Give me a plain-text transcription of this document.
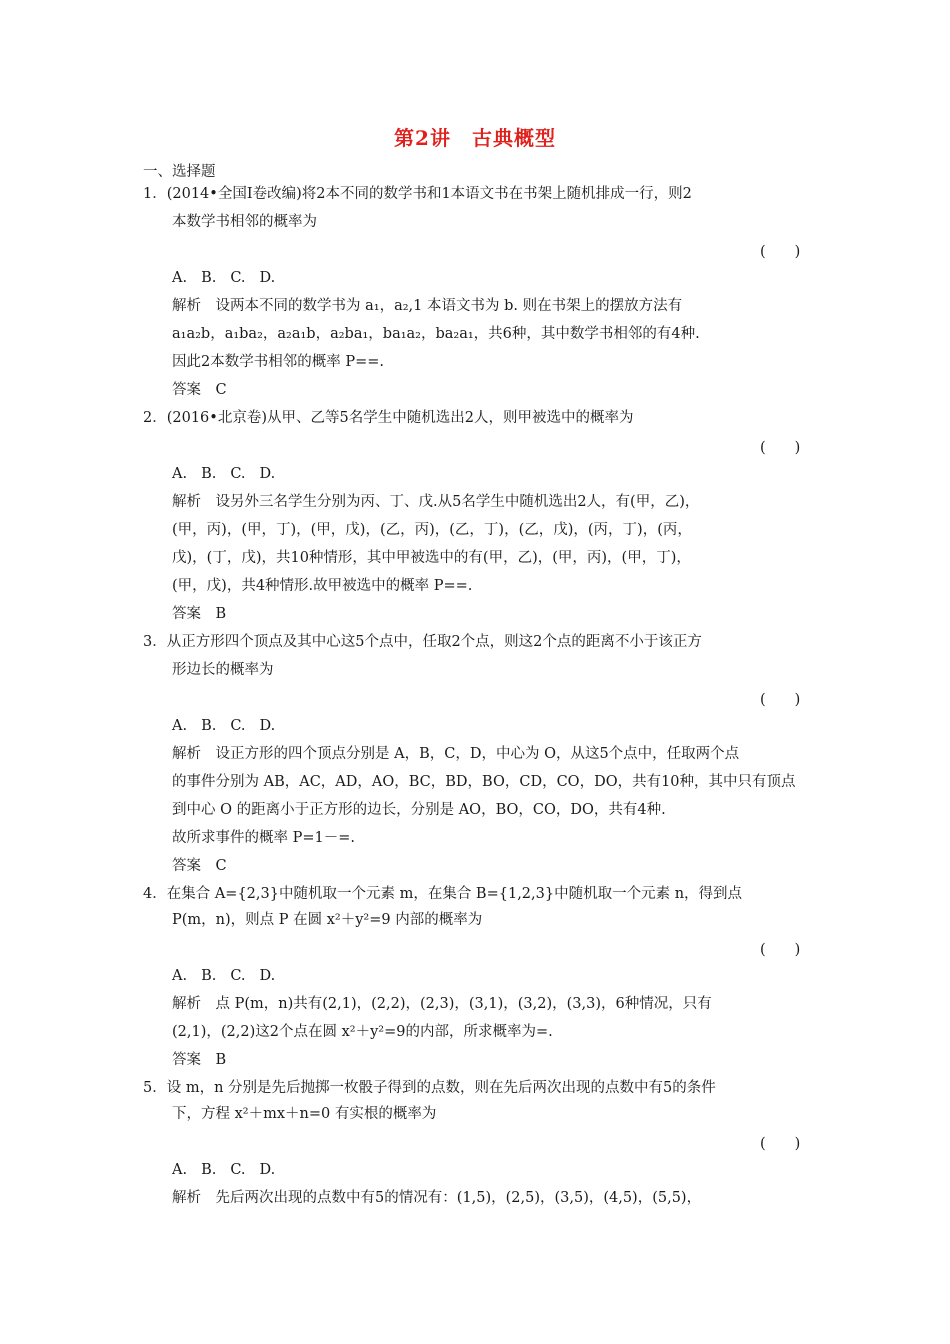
第2讲　古典概型
一、选择题
1．(2014•全国Ⅰ卷改编)将2本不同的数学书和1本语文书在书架上随机排成一行，则2
本数学书相邻的概率为
(　　)
A. B. C. D.
解析　设两本不同的数学书为 a₁，a₂,1 本语文书为 b. 则在书架上的摆放方法有
a₁a₂b，a₁ba₂，a₂a₁b，a₂ba₁，ba₁a₂，ba₂a₁，共6种，其中数学书相邻的有4种.
因此2本数学书相邻的概率 P==.
答案　C
2．(2016•北京卷)从甲、乙等5名学生中随机选出2人，则甲被选中的概率为
(　　)
A. B. C. D.
解析　设另外三名学生分别为丙、丁、戊.从5名学生中随机选出2人，有(甲，乙)，
(甲，丙)，(甲，丁)，(甲，戊)，(乙，丙)，(乙，丁)，(乙，戊)，(丙，丁)，(丙，
戊)，(丁，戊)，共10种情形，其中甲被选中的有(甲，乙)，(甲，丙)，(甲，丁)，
(甲，戊)，共4种情形.故甲被选中的概率 P==.
答案　B
3．从正方形四个顶点及其中心这5个点中，任取2个点，则这2个点的距离不小于该正方
形边长的概率为
(　　)
A. B. C. D.
解析　设正方形的四个顶点分别是 A，B，C，D，中心为 O，从这5个点中，任取两个点
的事件分别为 AB，AC，AD，AO，BC，BD，BO，CD，CO，DO，共有10种，其中只有顶点
到中心 O 的距离小于正方形的边长，分别是 AO，BO，CO，DO，共有4种.
故所求事件的概率 P=1－=.
答案　C
4．在集合 A={2,3}中随机取一个元素 m，在集合 B={1,2,3}中随机取一个元素 n，得到点
P(m，n)，则点 P 在圆 x²＋y²=9 内部的概率为
(　　)
A. B. C. D.
解析　点 P(m，n)共有(2,1)，(2,2)，(2,3)，(3,1)，(3,2)，(3,3)，6种情况，只有
(2,1)，(2,2)这2个点在圆 x²＋y²=9的内部，所求概率为=.
答案　B
5．设 m，n 分别是先后抛掷一枚骰子得到的点数，则在先后两次出现的点数中有5的条件
下，方程 x²＋mx＋n=0 有实根的概率为
(　　)
A. B. C. D.
解析　先后两次出现的点数中有5的情况有：(1,5)，(2,5)，(3,5)，(4,5)，(5,5)，
